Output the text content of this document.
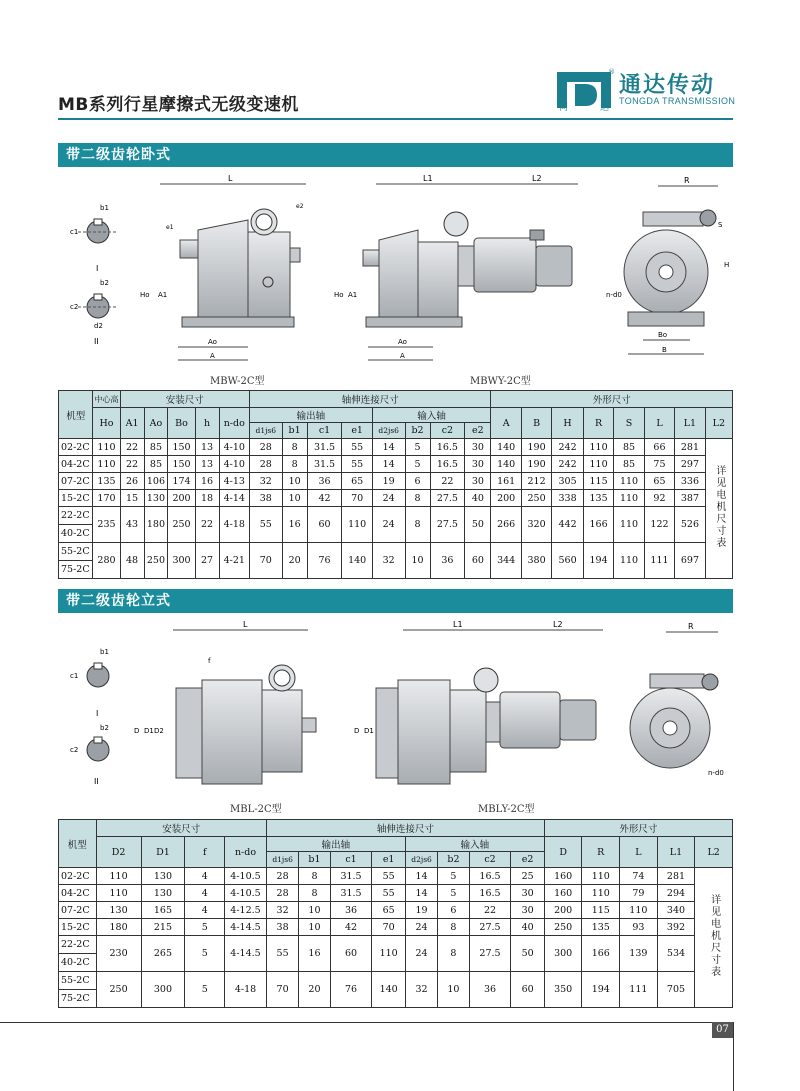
MB系列行星摩擦式无级变速机	同	达
®
通达传动
TONGDA TRANSMISSION
带二级齿轮卧式
b1
c1
I
b2
c2
d2
II
L
Ao
A
A1
Ho
e1
e2
L1	L2
Ao
A
A1
Ho
R
S
H
Bo
B
n-d0
MBW-2C型	MBWY-2C型
机型	中心高	安装尺寸					轴伸连接尺寸								外形尺寸							
	Ho	A1	Ao	Bo	h	n-do	输出轴				输入轴				A	B	H	R	S	L	L1	L2
							d1js6	b1	c1	e1	d2js6	b2	c2	e2								
02-2C	110	22	85	150	13	4-10	28	8	31.5	55	14	5	16.5	30	140	190	242	110	85	66	281	详见电机尺寸表
04-2C	110	22	85	150	13	4-10	28	8	31.5	55	14	5	16.5	30	140	190	242	110	85	75	297	
07-2C	135	26	106	174	16	4-13	32	10	36	65	19	6	22	30	161	212	305	115	110	65	336	
15-2C	170	15	130	200	18	4-14	38	10	42	70	24	8	27.5	40	200	250	338	135	110	92	387	
22-2C	235	43	180	250	22	4-18	55	16	60	110	24	8	27.5	50	266	320	442	166	110	122	526	
40-2C																						
55-2C	280	48	250	300	27	4-21	70	20	76	140	32	10	36	60	344	380	560	194	110	111	697	
75-2C																						
带二级齿轮立式
b1
c1
I
b2
c2
II
L
f
D D1 D2
L1	L2
D D1
R
n-d0
MBL-2C型	MBLY-2C型
机型	安装尺寸				轴伸连接尺寸								外形尺寸				
	D2	D1	f	n-do	输出轴				输入轴				D	R	L	L1	L2
					d1js6	b1	c1	e1	d2js6	b2	c2	e2					
02-2C	110	130	4	4-10.5	28	8	31.5	55	14	5	16.5	25	160	110	74	281	详见电机尺寸表
04-2C	110	130	4	4-10.5	28	8	31.5	55	14	5	16.5	30	160	110	79	294	
07-2C	130	165	4	4-12.5	32	10	36	65	19	6	22	30	200	115	110	340	
15-2C	180	215	5	4-14.5	38	10	42	70	24	8	27.5	40	250	135	93	392	
22-2C	230	265	5	4-14.5	55	16	60	110	24	8	27.5	50	300	166	139	534	
40-2C																	
55-2C	250	300	5	4-18	70	20	76	140	32	10	36	60	350	194	111	705	
75-2C																	
07
